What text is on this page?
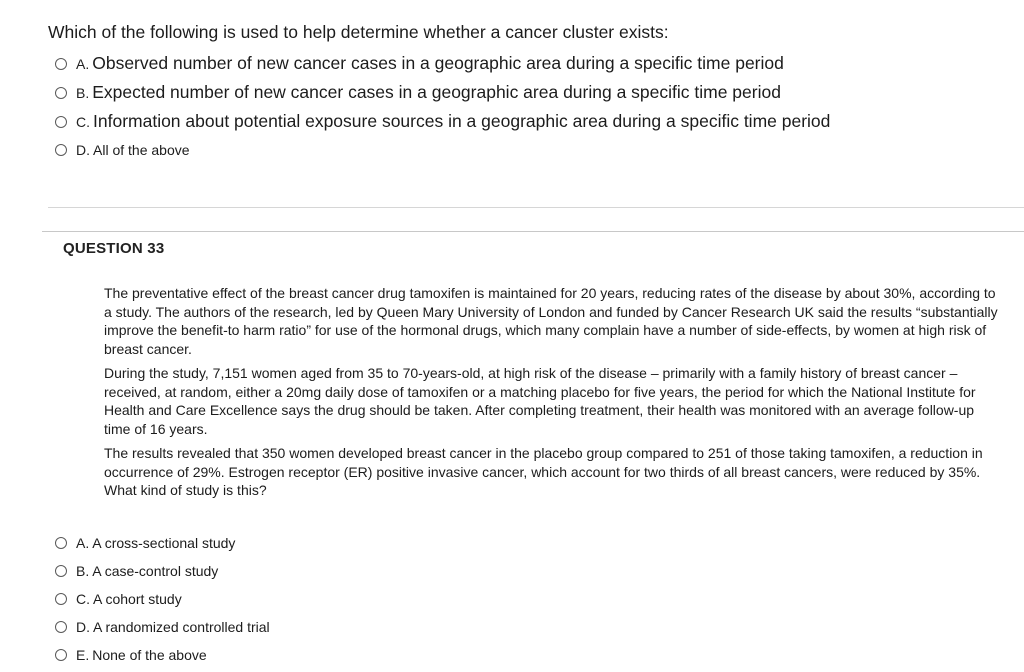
Which of the following is used to help determine whether a cancer cluster exists:
A. Observed number of new cancer cases in a geographic area during a specific time period
B. Expected number of new cancer cases in a geographic area during a specific time period
C. Information about potential exposure sources in a geographic area during a specific time period
D. All of the above
QUESTION 33

The preventative effect of the breast cancer drug tamoxifen is maintained for 20 years, reducing rates of the disease by about 30%, according to a study. The authors of the research, led by Queen Mary University of London and funded by Cancer Research UK said the results “substantially improve the benefit-to harm ratio” for use of the hormonal drugs, which many complain have a number of side-effects, by women at high risk of breast cancer.

During the study, 7,151 women aged from 35 to 70-years-old, at high risk of the disease – primarily with a family history of breast cancer – received, at random, either a 20mg daily dose of tamoxifen or a matching placebo for five years, the period for which the National Institute for Health and Care Excellence says the drug should be taken. After completing treatment, their health was monitored with an average follow-up time of 16 years.

The results revealed that 350 women developed breast cancer in the placebo group compared to 251 of those taking tamoxifen, a reduction in occurrence of 29%. Estrogen receptor (ER) positive invasive cancer, which account for two thirds of all breast cancers, were reduced by 35%. What kind of study is this?

A. A cross-sectional study
B. A case-control study
C. A cohort study
D. A randomized controlled trial
E. None of the above
